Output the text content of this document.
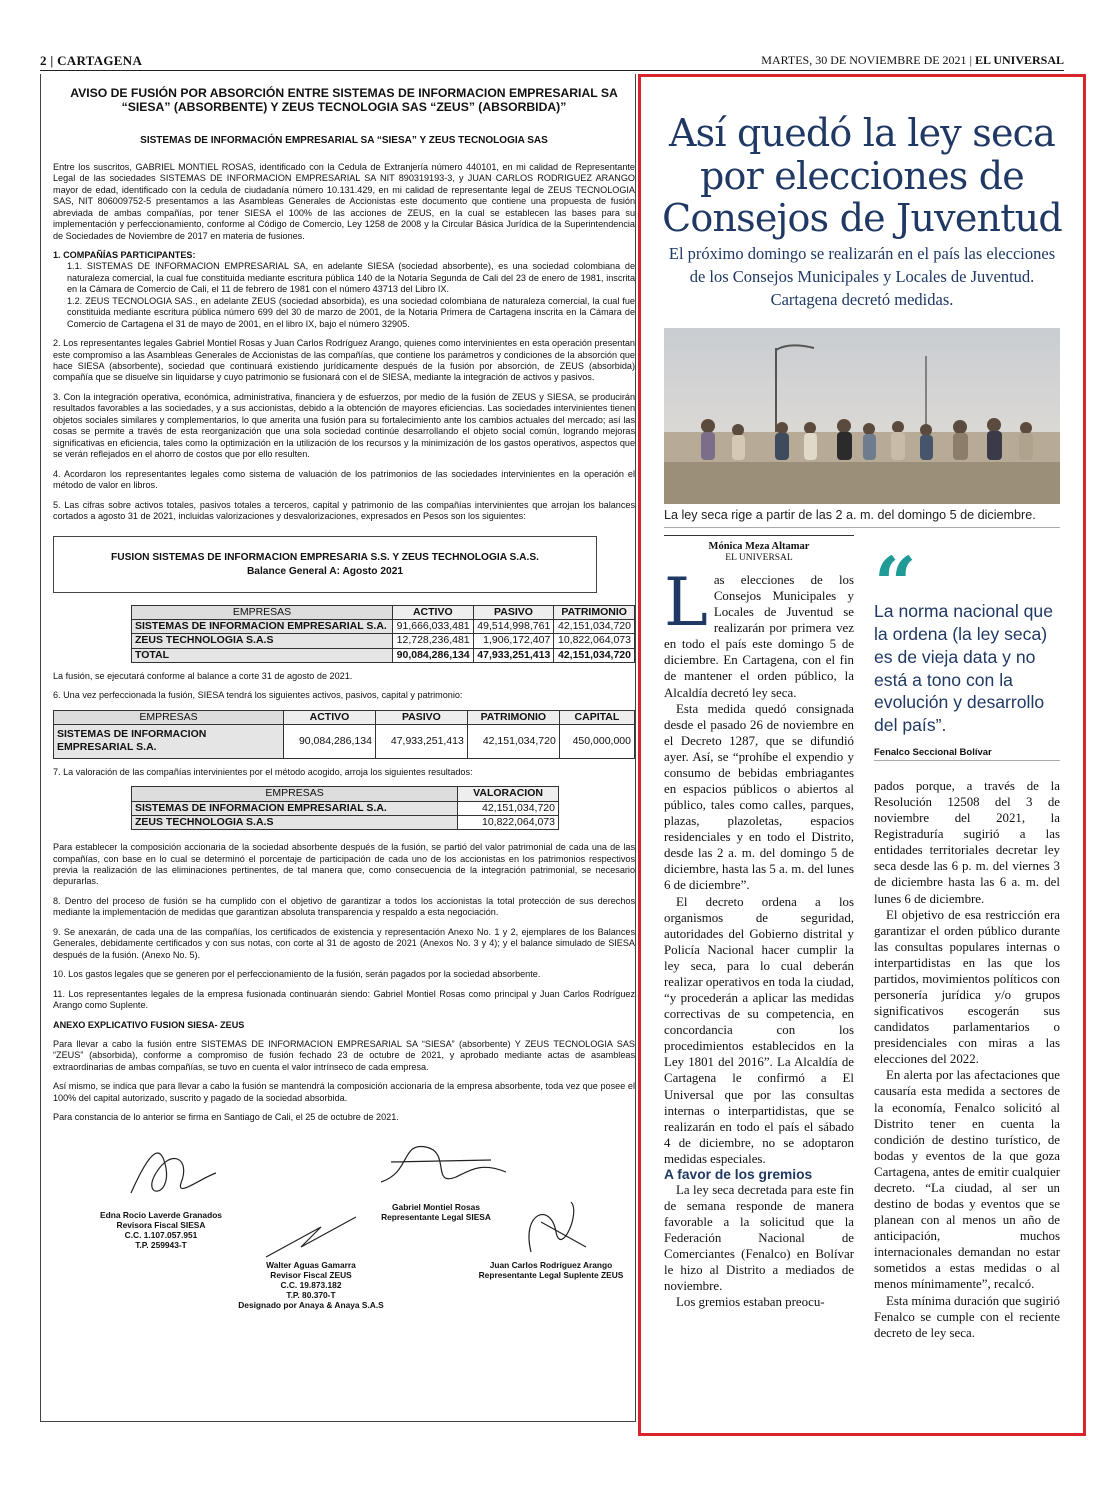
2 | CARTAGENA	MARTES, 30 DE NOVIEMBRE DE 2021 | EL UNIVERSAL
AVISO DE FUSIÓN POR ABSORCIÓN ENTRE SISTEMAS DE INFORMACION EMPRESARIAL SA “SIESA” (ABSORBENTE) Y ZEUS TECNOLOGIA SAS “ZEUS” (ABSORBIDA)”
SISTEMAS DE INFORMACIÓN EMPRESARIAL SA “SIESA” Y ZEUS TECNOLOGIA SAS

Entre los suscritos, GABRIEL MONTIEL ROSAS, identificado con la Cedula de Extranjería número 440101, en mi calidad de Representante Legal de las sociedades SISTEMAS DE INFORMACION EMPRESARIAL SA NIT 890319193-3, y JUAN CARLOS RODRIGUEZ ARANGO mayor de edad, identificado con la cedula de ciudadanía número 10.131.429, en mi calidad de representante legal de ZEUS TECNOLOGIA SAS, NIT 806009752-5 presentamos a las Asambleas Generales de Accionistas este documento que contiene una propuesta de fusión abreviada de ambas compañías, por tener SIESA el 100% de las acciones de ZEUS, en la cual se establecen las bases para su implementación y perfeccionamiento, conforme al Código de Comercio, Ley 1258 de 2008 y la Circular Básica Jurídica de la Superintendencia de Sociedades de Noviembre de 2017 en materia de fusiones.

1. COMPAÑÍAS PARTICIPANTES:

1.1. SISTEMAS DE INFORMACION EMPRESARIAL SA, en adelante SIESA (sociedad absorbente), es una sociedad colombiana de naturaleza comercial, la cual fue constituida mediante escritura pública 140 de la Notaría Segunda de Cali del 23 de enero de 1981, inscrita en la Cámara de Comercio de Cali, el 11 de febrero de 1981 con el número 43713 del Libro IX.

1.2. ZEUS TECNOLOGIA SAS., en adelante ZEUS (sociedad absorbida), es una sociedad colombiana de naturaleza comercial, la cual fue constituida mediante escritura pública número 699 del 30 de marzo de 2001, de la Notaria Primera de Cartagena inscrita en la Cámara de Comercio de Cartagena el 31 de mayo de 2001, en el libro IX, bajo el número 32905.

2. Los representantes legales Gabriel Montiel Rosas y Juan Carlos Rodríguez Arango, quienes como intervinientes en esta operación presentan este compromiso a las Asambleas Generales de Accionistas de las compañías, que contiene los parámetros y condiciones de la absorción que hace SIESA (absorbente), sociedad que continuará existiendo jurídicamente después de la fusión por absorción, de ZEUS (absorbida) compañía que se disuelve sin liquidarse y cuyo patrimonio se fusionará con el de SIESA, mediante la integración de activos y pasivos.

3. Con la integración operativa, económica, administrativa, financiera y de esfuerzos, por medio de la fusión de ZEUS y SIESA, se producirán resultados favorables a las sociedades, y a sus accionistas, debido a la obtención de mayores eficiencias. Las sociedades intervinientes tienen objetos sociales similares y complementarios, lo que amerita una fusión para su fortalecimiento ante los cambios actuales del mercado; así las cosas se permite a través de esta reorganización que una sola sociedad continúe desarrollando el objeto social común, logrando mejoras significativas en eficiencia, tales como la optimización en la utilización de los recursos y la minimización de los gastos operativos, aspectos que se verán reflejados en el ahorro de costos que por ello resulten.

4. Acordaron los representantes legales como sistema de valuación de los patrimonios de las sociedades intervinientes en la operación el método de valor en libros.

5. Las cifras sobre activos totales, pasivos totales a terceros, capital y patrimonio de las compañías intervinientes que arrojan los balances cortados a agosto 31 de 2021, incluidas valorizaciones y desvalorizaciones, expresados en Pesos son los siguientes:

FUSION SISTEMAS DE INFORMACION EMPRESARIA S.S. Y ZEUS TECHNOLOGIA S.A.S.
Balance General A: Agosto 2021
EMPRESAS	ACTIVO	PASIVO	PATRIMONIO
SISTEMAS DE INFORMACION EMPRESARIAL S.A.	91,666,033,481	49,514,998,761	42,151,034,720
ZEUS TECHNOLOGIA S.A.S	12,728,236,481	1,906,172,407	10,822,064,073
TOTAL	90,084,286,134	47,933,251,413	42,151,034,720

La fusión, se ejecutará conforme al balance a corte 31 de agosto de 2021.

6. Una vez perfeccionada la fusión, SIESA tendrá los siguientes activos, pasivos, capital y patrimonio:

EMPRESAS	ACTIVO	PASIVO	PATRIMONIO	CAPITAL
SISTEMAS DE INFORMACION EMPRESARIAL S.A.	90,084,286,134	47,933,251,413	42,151,034,720	450,000,000

7. La valoración de las compañías intervinientes por el método acogido, arroja los siguientes resultados:

EMPRESAS	VALORACION
SISTEMAS DE INFORMACION EMPRESARIAL S.A.	42,151,034,720
ZEUS TECHNOLOGIA S.A.S	10,822,064,073

Para establecer la composición accionaria de la sociedad absorbente después de la fusión, se partió del valor patrimonial de cada una de las compañías, con base en lo cual se determinó el porcentaje de participación de cada uno de los accionistas en los patrimonios respectivos previa la realización de las eliminaciones pertinentes, de tal manera que, como consecuencia de la integración patrimonial, se necesario depurarlas.

8. Dentro del proceso de fusión se ha cumplido con el objetivo de garantizar a todos los accionistas la total protección de sus derechos mediante la implementación de medidas que garantizan absoluta transparencia y respaldo a esta negociación.

9. Se anexarán, de cada una de las compañías, los certificados de existencia y representación Anexo No. 1 y 2, ejemplares de los Balances Generales, debidamente certificados y con sus notas, con corte al 31 de agosto de 2021 (Anexos No. 3 y 4); y el balance simulado de SIESA después de la fusión. (Anexo No. 5).

10. Los gastos legales que se generen por el perfeccionamiento de la fusión, serán pagados por la sociedad absorbente.

11. Los representantes legales de la empresa fusionada continuarán siendo: Gabriel Montiel Rosas como principal y Juan Carlos Rodríguez Arango como Suplente.

ANEXO EXPLICATIVO FUSION SIESA- ZEUS

Para llevar a cabo la fusión entre SISTEMAS DE INFORMACION EMPRESARIAL SA “SIESA” (absorbente) Y ZEUS TECNOLOGIA SAS “ZEUS” (absorbida), conforme a compromiso de fusión fechado 23 de octubre de 2021, y aprobado mediante actas de asambleas extraordinarias de ambas compañías, se tuvo en cuenta el valor intrínseco de cada empresa.

Así mismo, se indica que para llevar a cabo la fusión se mantendrá la composición accionaria de la empresa absorbente, toda vez que posee el 100% del capital autorizado, suscrito y pagado de la sociedad absorbida.

Para constancia de lo anterior se firma en Santiago de Cali, el 25 de octubre de 2021.

Edna Rocio Laverde Granados
Revisora Fiscal SIESA
C.C. 1.107.057.951
T.P. 259943-T
Gabriel Montiel Rosas
Representante Legal SIESA
Walter Aguas Gamarra
Revisor Fiscal ZEUS
C.C. 19.873.182
T.P. 80.370-T
Designado por Anaya & Anaya S.A.S
Juan Carlos Rodríguez Arango
Representante Legal Suplente ZEUS
Así quedó la ley seca por elecciones de Consejos de Juventud
El próximo domingo se realizarán en el país las elecciones de los Consejos Municipales y Locales de Juventud. Cartagena decretó medidas.
La ley seca rige a partir de las 2 a. m. del domingo 5 de diciembre.
Mónica Meza Altamar
EL UNIVERSAL

Las elecciones de los Consejos Municipales y Locales de Juventud se realizarán por primera vez en todo el país este domingo 5 de diciembre. En Cartagena, con el fin de mantener el orden público, la Alcaldía decretó ley seca.

Esta medida quedó consignada desde el pasado 26 de noviembre en el Decreto 1287, que se difundió ayer. Así, se “prohíbe el expendio y consumo de bebidas embriagantes en espacios públicos o abiertos al público, tales como calles, parques, plazas, plazoletas, espacios residenciales y en todo el Distrito, desde las 2 a. m. del domingo 5 de diciembre, hasta las 5 a. m. del lunes 6 de diciembre”.

El decreto ordena a los organismos de seguridad, autoridades del Gobierno distrital y Policía Nacional hacer cumplir la ley seca, para lo cual deberán realizar operativos en toda la ciudad, “y procederán a aplicar las medidas correctivas de su competencia, en concordancia con los procedimientos establecidos en la Ley 1801 del 2016”. La Alcaldía de Cartagena le confirmó a El Universal que por las consultas internas o interpartidistas, que se realizarán en todo el país el sábado 4 de diciembre, no se adoptaron medidas especiales.

A favor de los gremios

La ley seca decretada para este fin de semana responde de manera favorable a la solicitud que la Federación Nacional de Comerciantes (Fenalco) en Bolívar le hizo al Distrito a mediados de noviembre.

Los gremios estaban preocu-

“
La norma nacional que la ordena (la ley seca) es de vieja data y no está a tono con la evolución y desarrollo del país”.
Fenalco Seccional Bolívar

pados porque, a través de la Resolución 12508 del 3 de noviembre del 2021, la Registraduría sugirió a las entidades territoriales decretar ley seca desde las 6 p. m. del viernes 3 de diciembre hasta las 6 a. m. del lunes 6 de diciembre.

El objetivo de esa restricción era garantizar el orden público durante las consultas populares internas o interpartidistas en las que los partidos, movimientos políticos con personería jurídica y/o grupos significativos escogerán sus candidatos parlamentarios o presidenciales con miras a las elecciones del 2022.

En alerta por las afectaciones que causaría esta medida a sectores de la economía, Fenalco solicitó al Distrito tener en cuenta la condición de destino turístico, de bodas y eventos de la que goza Cartagena, antes de emitir cualquier decreto. “La ciudad, al ser un destino de bodas y eventos que se planean con al menos un año de anticipación, muchos internacionales demandan no estar sometidos a estas medidas o al menos mínimamente”, recalcó.

Esta mínima duración que sugirió Fenalco se cumple con el reciente decreto de ley seca.
